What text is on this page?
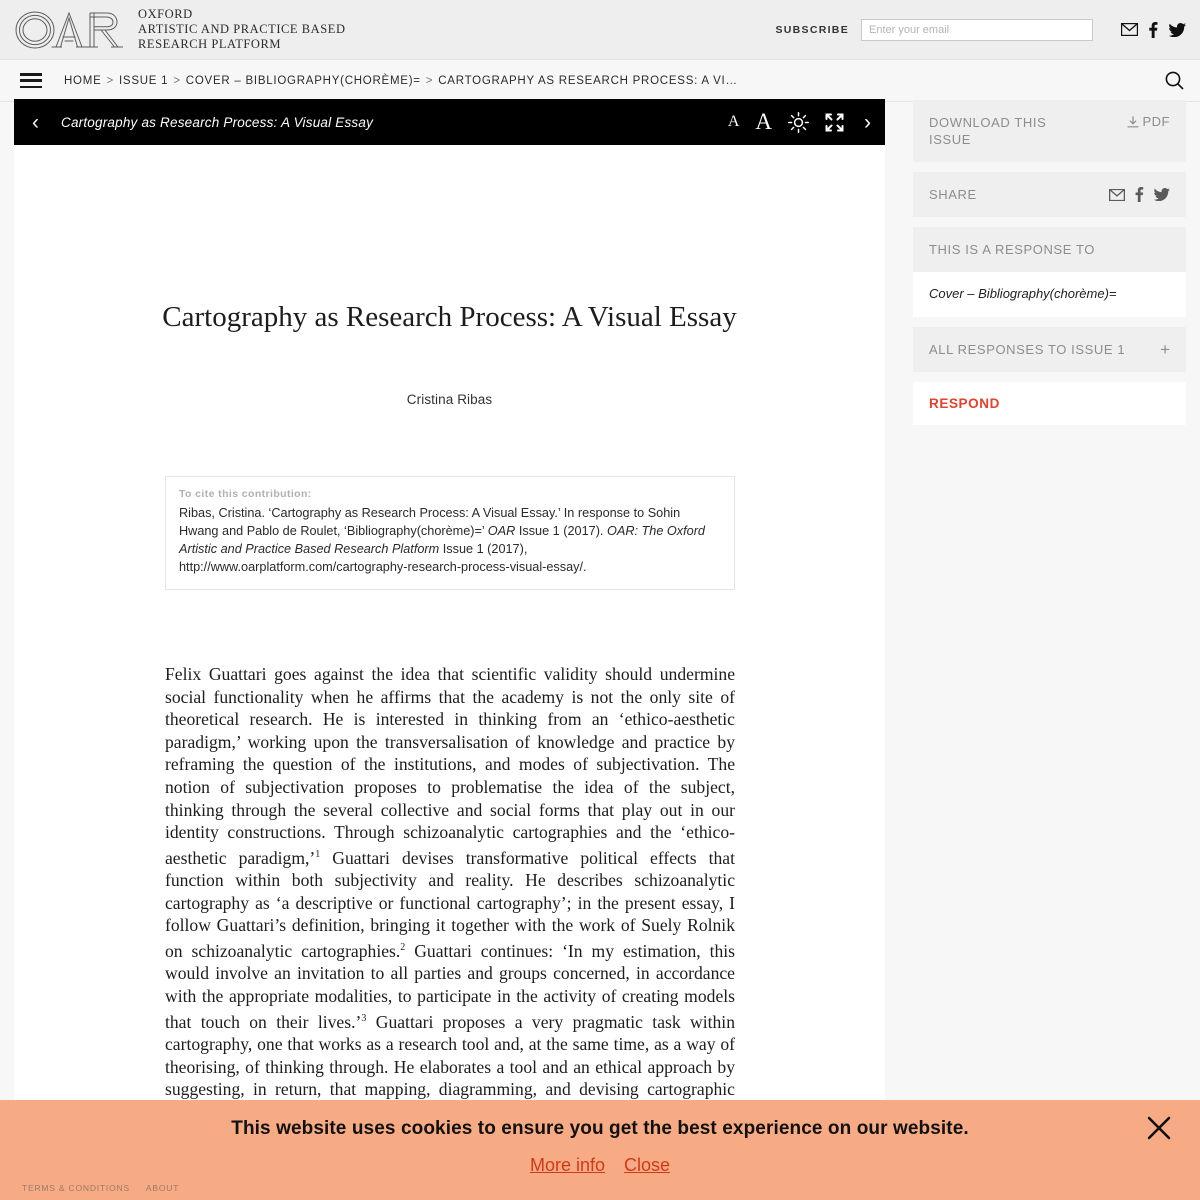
OXFORD
ARTISTIC AND PRACTICE BASED
RESEARCH PLATFORM
SUBSCRIBE
Enter your email
HOME > ISSUE 1 > COVER – BIBLIOGRAPHY(CHORÈME)= > CARTOGRAPHY AS RESEARCH PROCESS: A VI…
‹ Cartography as Research Process: A Visual Essay	A A	›
Cartography as Research Process: A Visual Essay
Cristina Ribas
To cite this contribution:
Ribas, Cristina. ‘Cartography as Research Process: A Visual Essay.’ In response to Sohin Hwang and Pablo de Roulet, ‘Bibliography(chorème)=’ OAR Issue 1 (2017). OAR: The Oxford Artistic and Practice Based Research Platform Issue 1 (2017), http://www.oarplatform.com/cartography-research-process-visual-essay/.
Felix Guattari goes against the idea that scientific validity should undermine social functionality when he affirms that the academy is not the only site of theoretical research. He is interested in thinking from an ‘ethico-aesthetic paradigm,’ working upon the transversalisation of knowledge and practice by reframing the question of the institutions, and modes of subjectivation. The notion of subjectivation proposes to problematise the idea of the subject, thinking through the several collective and social forms that play out in our identity constructions. Through schizoanalytic cartographies and the ‘ethico-aesthetic paradigm,’$^1$ Guattari devises transformative political effects that function within both subjectivity and reality. He describes schizoanalytic cartography as ‘a descriptive or functional cartography’; in the present essay, I follow Guattari’s definition, bringing it together with the work of Suely Rolnik on schizoanalytic cartographies.$^2$ Guattari continues: ‘In my estimation, this would involve an invitation to all parties and groups concerned, in accordance with the appropriate modalities, to participate in the activity of creating models that touch on their lives.’$^3$ Guattari proposes a very pragmatic task within cartography, one that works as a research tool and, at the same time, as a way of theorising, of thinking through. He elaborates a tool and an ethical approach by suggesting, in return, that mapping, diagramming, and devising cartographic
DOWNLOAD THIS ISSUE
PDF
SHARE
THIS IS A RESPONSE TO
Cover – Bibliography(chorème)=
ALL RESPONSES TO ISSUE 1 +
RESPOND
TERMS & CONDITIONS ABOUT
This website uses cookies to ensure you get the best experience on our website.
More info Close
